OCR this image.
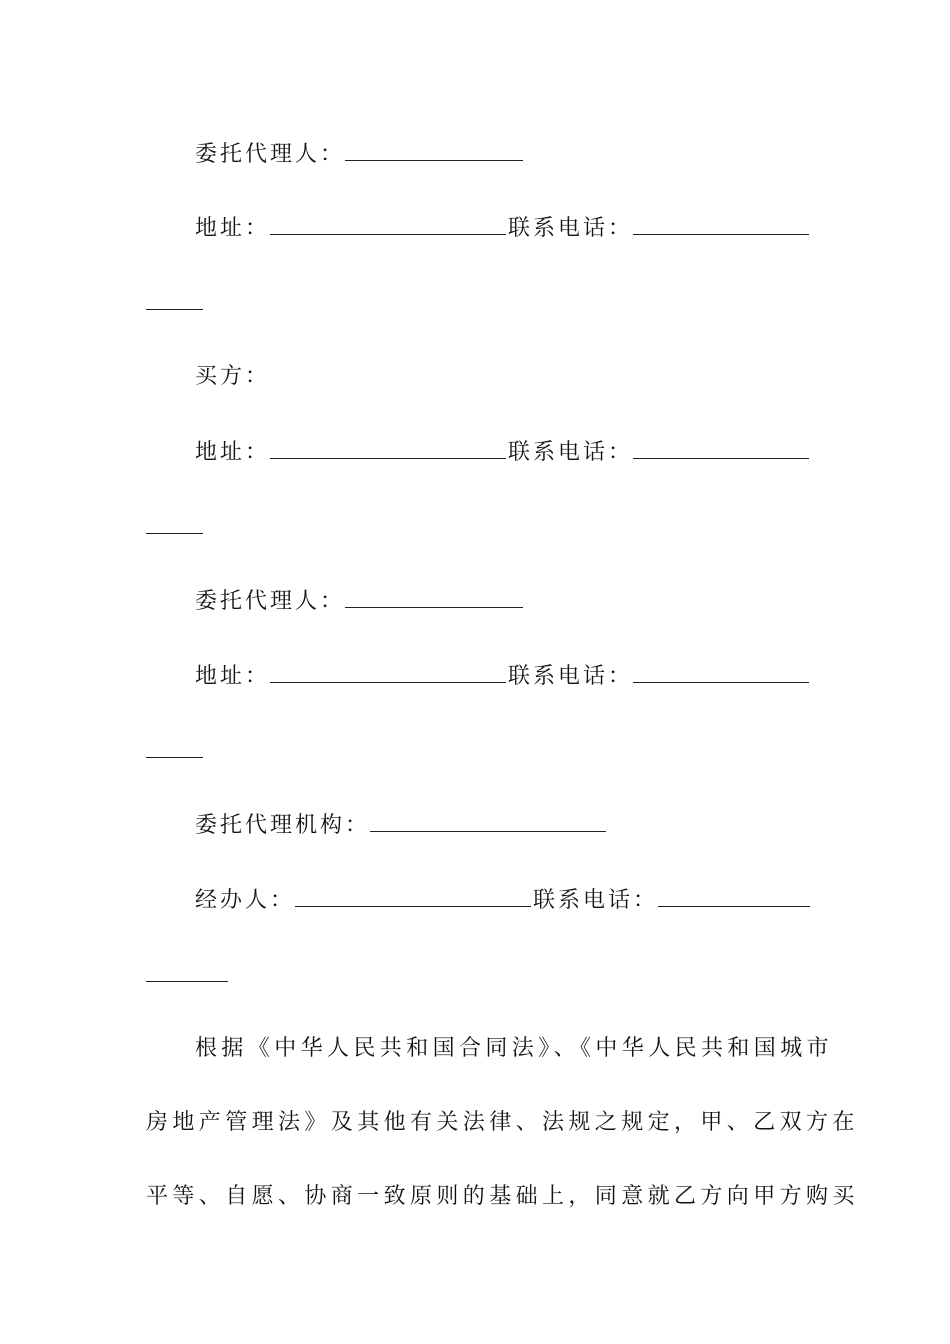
委托代理人：
地址：	联系电话：
买方：
地址：	联系电话：
委托代理人：
地址：	联系电话：
委托代理机构：
经办人：	联系电话：
根据《中华人民共和国合同法》、《中华人民共和国城市
房地产管理法》及其他有关法律、法规之规定，甲、乙双方在
平等、自愿、协商一致原则的基础上，同意就乙方向甲方购买
